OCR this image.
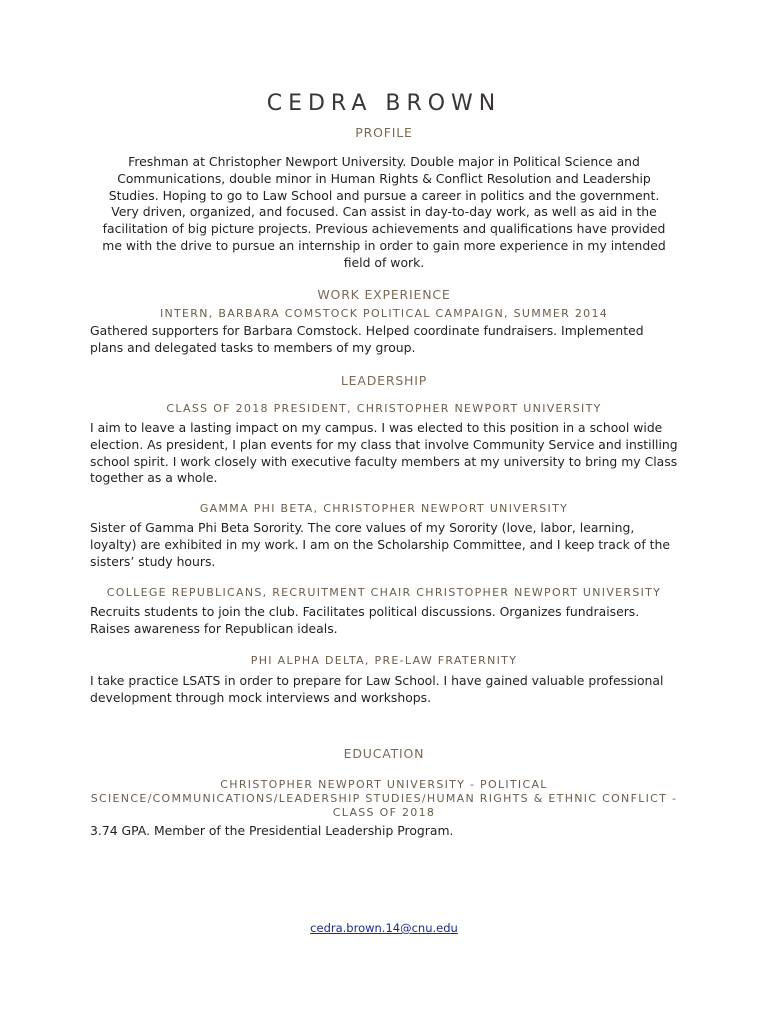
CEDRA BROWN
PROFILE
Freshman at Christopher Newport University. Double major in Political Science and Communications, double minor in Human Rights & Conflict Resolution and Leadership Studies. Hoping to go to Law School and pursue a career in politics and the government. Very driven, organized, and focused. Can assist in day-to-day work, as well as aid in the facilitation of big picture projects. Previous achievements and qualifications have provided me with the drive to pursue an internship in order to gain more experience in my intended field of work.
WORK EXPERIENCE
INTERN, BARBARA COMSTOCK POLITICAL CAMPAIGN, SUMMER 2014
Gathered supporters for Barbara Comstock. Helped coordinate fundraisers. Implemented plans and delegated tasks to members of my group.
LEADERSHIP
CLASS OF 2018 PRESIDENT, CHRISTOPHER NEWPORT UNIVERSITY
I aim to leave a lasting impact on my campus. I was elected to this position in a school wide election. As president, I plan events for my class that involve Community Service and instilling school spirit. I work closely with executive faculty members at my university to bring my Class together as a whole.
GAMMA PHI BETA, CHRISTOPHER NEWPORT UNIVERSITY
Sister of Gamma Phi Beta Sorority. The core values of my Sorority (love, labor, learning, loyalty) are exhibited in my work. I am on the Scholarship Committee, and I keep track of the sisters’ study hours.
COLLEGE REPUBLICANS, RECRUITMENT CHAIR CHRISTOPHER NEWPORT UNIVERSITY
Recruits students to join the club. Facilitates political discussions. Organizes fundraisers. Raises awareness for Republican ideals.
PHI ALPHA DELTA, PRE-LAW FRATERNITY
I take practice LSATS in order to prepare for Law School. I have gained valuable professional development through mock interviews and workshops.
EDUCATION
CHRISTOPHER NEWPORT UNIVERSITY - POLITICAL SCIENCE/COMMUNICATIONS/LEADERSHIP STUDIES/HUMAN RIGHTS & ETHNIC CONFLICT - CLASS OF 2018
3.74 GPA. Member of the Presidential Leadership Program.
cedra.brown.14@cnu.edu
